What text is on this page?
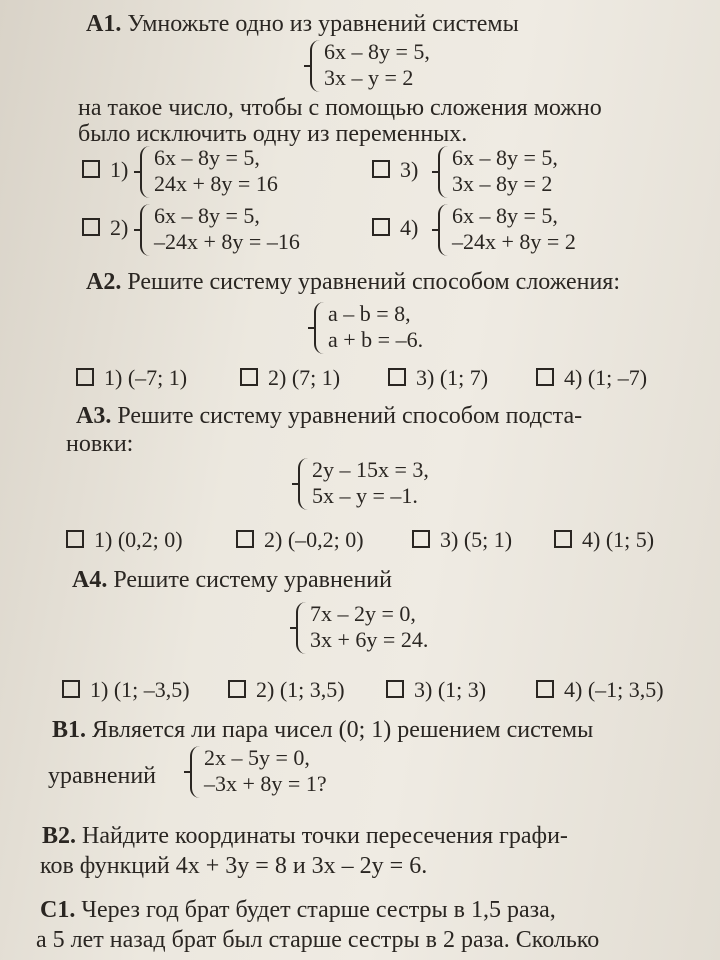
А1. Умножьте одно из уравнений системы
6x – 8y = 5,
3x – y = 2
на такое число, чтобы с помощью сложения можно
было исключить одну из переменных.
1) 6x – 8y = 5,
24x + 8y = 16
3) 6x – 8y = 5,
3x – 8y = 2
2) 6x – 8y = 5,
–24x + 8y = –16
4) 6x – 8y = 5,
–24x + 8y = 2
А2. Решите систему уравнений способом сложения:
a – b = 8,
a + b = –6.
1) (–7; 1)	2) (7; 1)	3) (1; 7)	4) (1; –7)
А3. Решите систему уравнений способом подста-
новки:
2y – 15x = 3,
5x – y = –1.
1) (0,2; 0)	2) (–0,2; 0)	3) (5; 1)	4) (1; 5)
А4. Решите систему уравнений
7x – 2y = 0,
3x + 6y = 24.
1) (1; –3,5)	2) (1; 3,5)	3) (1; 3)	4) (–1; 3,5)
В1. Является ли пара чисел (0; 1) решением системы
уравнений
2x – 5y = 0,
–3x + 8y = 1?
В2. Найдите координаты точки пересечения графи-
ков функций 4x + 3y = 8 и 3x – 2y = 6.
С1. Через год брат будет старше сестры в 1,5 раза,
а 5 лет назад брат был старше сестры в 2 раза. Сколько
